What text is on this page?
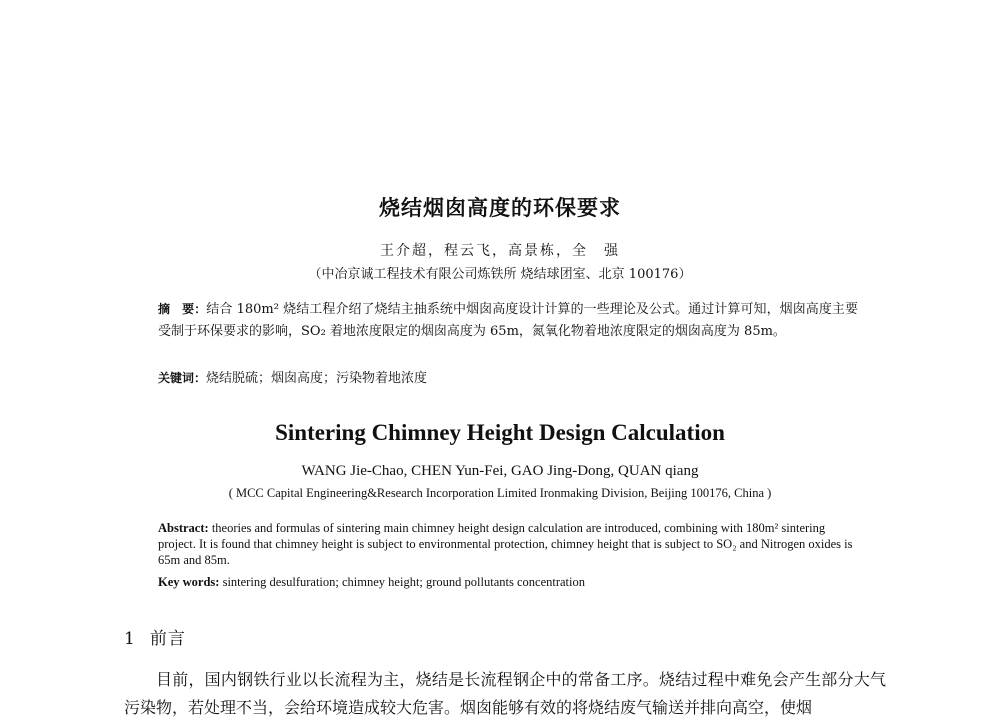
烧结烟囱高度的环保要求
王介超，程云飞，高景栋，全　强
（中冶京诚工程技术有限公司炼铁所 烧结球团室、北京 100176）
摘　要：结合 180m² 烧结工程介绍了烧结主抽系统中烟囱高度设计计算的一些理论及公式。通过计算可知，烟囱高度主要受制于环保要求的影响，SO₂ 着地浓度限定的烟囱高度为 65m，氮氧化物着地浓度限定的烟囱高度为 85m。
关键词：烧结脱硫；烟囱高度；污染物着地浓度
Sintering Chimney Height Design Calculation
WANG Jie-Chao, CHEN Yun-Fei, GAO Jing-Dong, QUAN qiang
( MCC Capital Engineering&Research Incorporation Limited Ironmaking Division, Beijing 100176, China )
Abstract: theories and formulas of sintering main chimney height design calculation are introduced, combining with 180m² sintering project. It is found that chimney height is subject to environmental protection, chimney height that is subject to SO₂ and Nitrogen oxides is 65m and 85m.
Key words: sintering desulfuration; chimney height; ground pollutants concentration
1 前言
目前，国内钢铁行业以长流程为主，烧结是长流程钢企中的常备工序。烧结过程中难免会产生部分大气污染物，若处理不当，会给环境造成较大危害。烟囱能够有效的将烧结废气输送并排向高空，使烟
